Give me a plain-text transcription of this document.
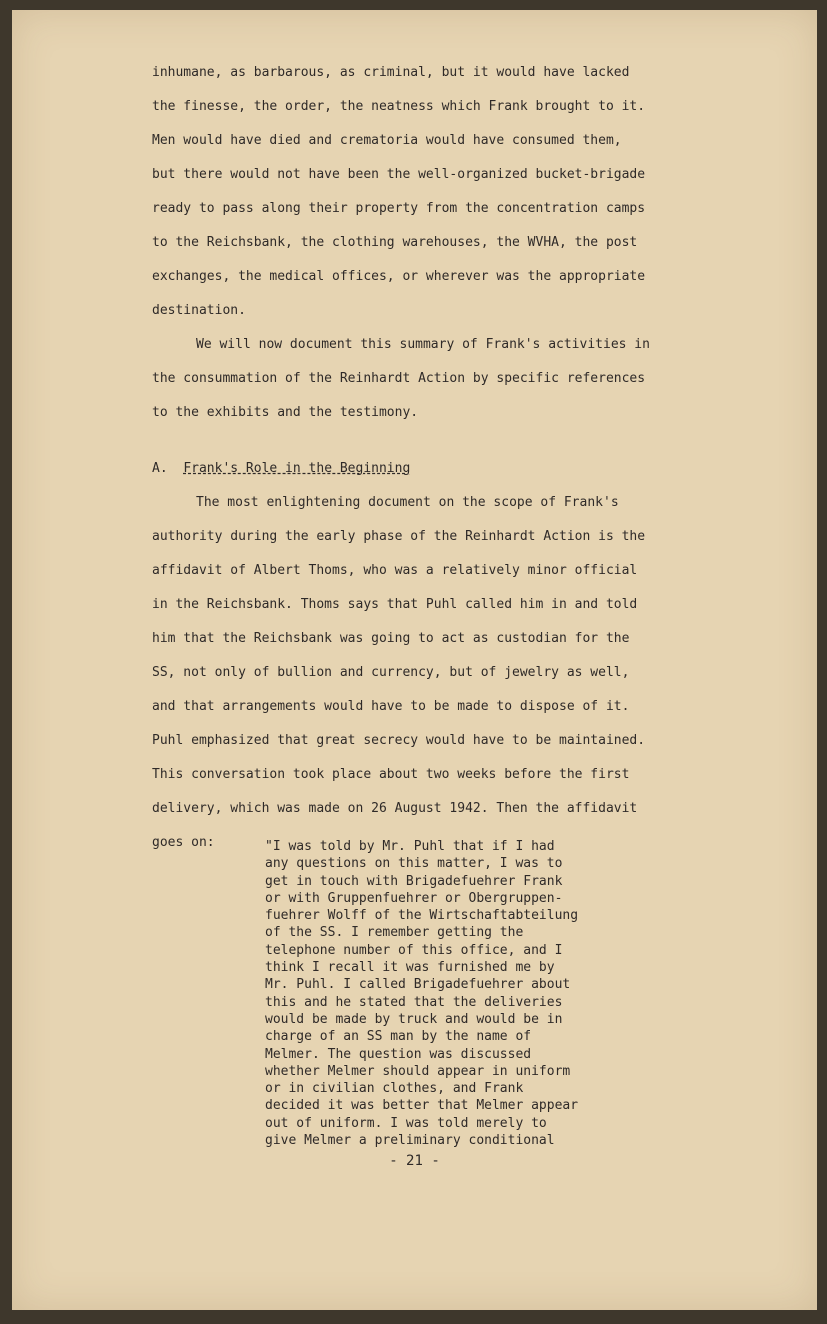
inhumane, as barbarous, as criminal, but it would have lacked
the finesse, the order, the neatness which Frank brought to it.
Men would have died and crematoria would have consumed them,
but there would not have been the well-organized bucket-brigade
ready to pass along their property from the concentration camps
to the Reichsbank, the clothing warehouses, the WVHA, the post
exchanges, the medical offices, or wherever was the appropriate
destination.
We will now document this summary of Frank's activities in
the consummation of the Reinhardt Action by specific references
to the exhibits and the testimony.
A. Frank's Role in the Beginning
The most enlightening document on the scope of Frank's
authority during the early phase of the Reinhardt Action is the
affidavit of Albert Thoms, who was a relatively minor official
in the Reichsbank. Thoms says that Puhl called him in and told
him that the Reichsbank was going to act as custodian for the
SS, not only of bullion and currency, but of jewelry as well,
and that arrangements would have to be made to dispose of it.
Puhl emphasized that great secrecy would have to be maintained.
This conversation took place about two weeks before the first
delivery, which was made on 26 August 1942. Then the affidavit
goes on:	"I was told by Mr. Puhl that if I had
any questions on this matter, I was to
get in touch with Brigadefuehrer Frank
or with Gruppenfuehrer or Obergruppen-
fuehrer Wolff of the Wirtschaftabteilung
of the SS. I remember getting the
telephone number of this office, and I
think I recall it was furnished me by
Mr. Puhl. I called Brigadefuehrer about
this and he stated that the deliveries
would be made by truck and would be in
charge of an SS man by the name of
Melmer. The question was discussed
whether Melmer should appear in uniform
or in civilian clothes, and Frank
decided it was better that Melmer appear
out of uniform. I was told merely to
give Melmer a preliminary conditional
- 21 -
